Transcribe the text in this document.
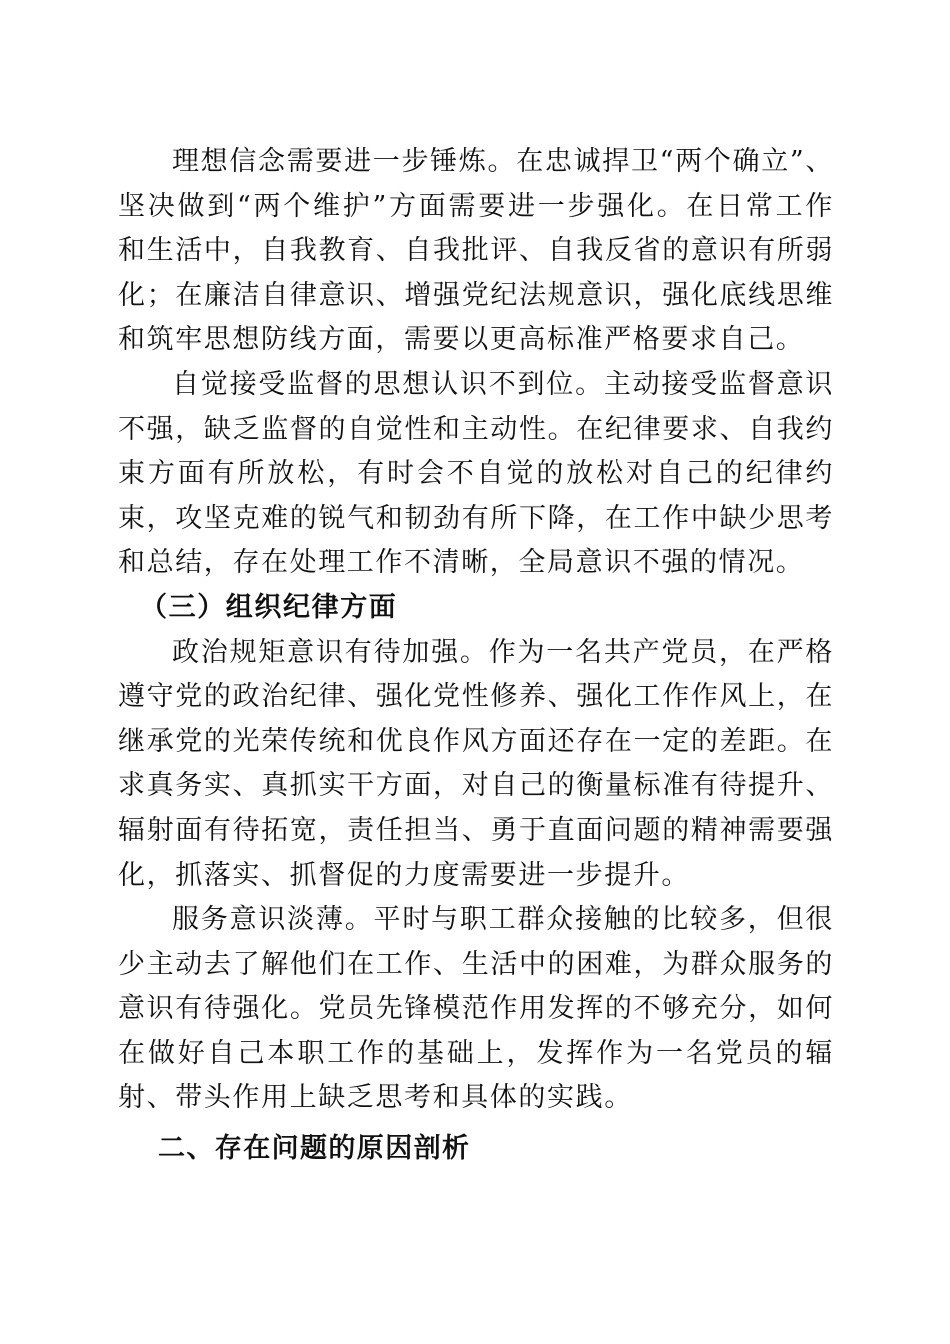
理想信念需要进一步锤炼。在忠诚捍卫“两个确立”、坚决做到“两个维护”方面需要进一步强化。在日常工作和生活中，自我教育、自我批评、自我反省的意识有所弱化；在廉洁自律意识、增强党纪法规意识，强化底线思维和筑牢思想防线方面，需要以更高标准严格要求自己。

自觉接受监督的思想认识不到位。主动接受监督意识不强，缺乏监督的自觉性和主动性。在纪律要求、自我约束方面有所放松，有时会不自觉的放松对自己的纪律约束，攻坚克难的锐气和韧劲有所下降，在工作中缺少思考和总结，存在处理工作不清晰，全局意识不强的情况。

（三）组织纪律方面

政治规矩意识有待加强。作为一名共产党员，在严格遵守党的政治纪律、强化党性修养、强化工作作风上，在继承党的光荣传统和优良作风方面还存在一定的差距。在求真务实、真抓实干方面，对自己的衡量标准有待提升、辐射面有待拓宽，责任担当、勇于直面问题的精神需要强化，抓落实、抓督促的力度需要进一步提升。

服务意识淡薄。平时与职工群众接触的比较多，但很少主动去了解他们在工作、生活中的困难，为群众服务的意识有待强化。党员先锋模范作用发挥的不够充分，如何在做好自己本职工作的基础上，发挥作为一名党员的辐射、带头作用上缺乏思考和具体的实践。

二、存在问题的原因剖析
